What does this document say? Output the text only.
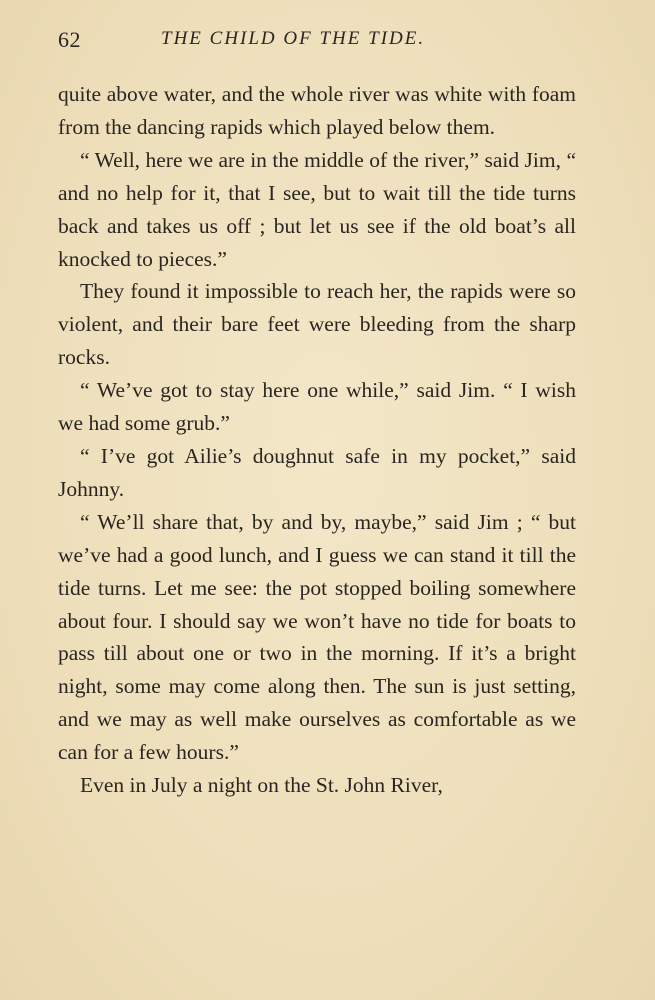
62	THE CHILD OF THE TIDE.

quite above water, and the whole river was white with foam from the dancing rapids which played below them.

“ Well, here we are in the middle of the river,” said Jim, “ and no help for it, that I see, but to wait till the tide turns back and takes us off ; but let us see if the old boat’s all knocked to pieces.”

They found it impossible to reach her, the rapids were so violent, and their bare feet were bleeding from the sharp rocks.

“ We’ve got to stay here one while,” said Jim. “ I wish we had some grub.”

“ I’ve got Ailie’s doughnut safe in my pocket,” said Johnny.

“ We’ll share that, by and by, maybe,” said Jim ; “ but we’ve had a good lunch, and I guess we can stand it till the tide turns. Let me see: the pot stopped boiling somewhere about four. I should say we won’t have no tide for boats to pass till about one or two in the morning. If it’s a bright night, some may come along then. The sun is just setting, and we may as well make ourselves as comfortable as we can for a few hours.”

Even in July a night on the St. John River,
